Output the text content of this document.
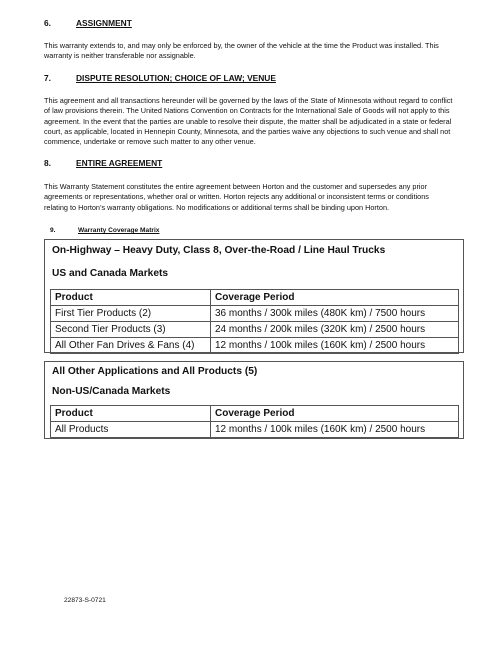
6.	ASSIGNMENT

This warranty extends to, and may only be enforced by, the owner of the vehicle at the time the Product was installed. This
warranty is neither transferable nor assignable.

7.	DISPUTE RESOLUTION; CHOICE OF LAW; VENUE

This agreement and all transactions hereunder will be governed by the laws of the State of Minnesota without regard to conflict
of law provisions therein. The United Nations Convention on Contracts for the International Sale of Goods will not apply to this
agreement. In the event that the parties are unable to resolve their dispute, the matter shall be adjudicated in a state or federal
court, as applicable, located in Hennepin County, Minnesota, and the parties waive any objections to such venue and shall not
commence, undertake or remove such matter to any other venue.

8.	ENTIRE AGREEMENT

This Warranty Statement constitutes the entire agreement between Horton and the customer and supersedes any prior
agreements or representations, whether oral or written. Horton rejects any additional or inconsistent terms or conditions
relating to Horton’s warranty obligations. No modifications or additional terms shall be binding upon Horton.

9.	Warranty Coverage Matrix
On-Highway – Heavy Duty, Class 8, Over-the-Road / Line Haul Trucks
US and Canada Markets
Product	Coverage Period
First Tier Products (2)	36 months / 300k miles (480K km) / 7500 hours
Second Tier Products (3)	24 months / 200k miles (320K km) / 2500 hours
All Other Fan Drives & Fans (4)	12 months / 100k miles (160K km) / 2500 hours
All Other Applications and All Products (5)
Non-US/Canada Markets
Product	Coverage Period
All Products	12 months / 100k miles (160K km) / 2500 hours
22873-S-0721
